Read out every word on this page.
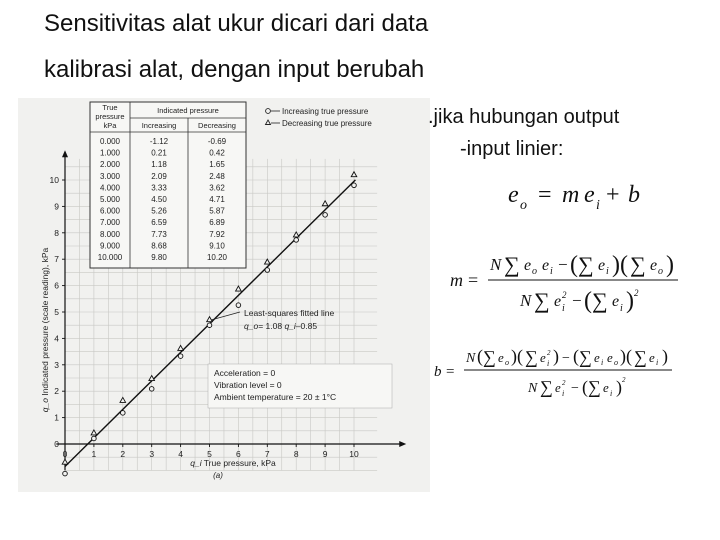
Sensitivitas alat ukur dicari dari data
kalibrasi alat, dengan input berubah
0	1	2	3	4	5	6	7	8	9	10
0
1
2
3
4
5
6
7
8
9
10
True
pressure
kPa
Indicated pressure
Increasing	Decreasing
0.000	-1.12	-0.69
1.000	0.21	0.42
2.000	1.18	1.65
3.000	2.09	2.48
4.000	3.33	3.62
5.000	4.50	4.71
6.000	5.26	5.87
7.000	6.59	6.89
8.000	7.73	7.92
9.000	8.68	9.10
10.000	9.80	10.20
Increasing true pressure
Decreasing true pressure
Least-squares fitted line
q_o= 1.08 q_i–0.85
Acceleration = 0
Vibration level = 0
Ambient temperature = 20 ± 1°C
q_o Indicated pressure (scale reading), kPa
q_i True pressure, kPa
(a)
.jika hubungan output
-input linier:
e o = m e i + b
m =
N ∑ e o e i − ( ∑ e i )( ∑ e o )
N ∑ e 2
i − ( ∑ e i ) 2
b =
N ( ∑ e o )( ∑ e 2
i ) − ( ∑ e i e o )( ∑ e i )
N ∑ e 2
i − ( ∑ e i ) 2
